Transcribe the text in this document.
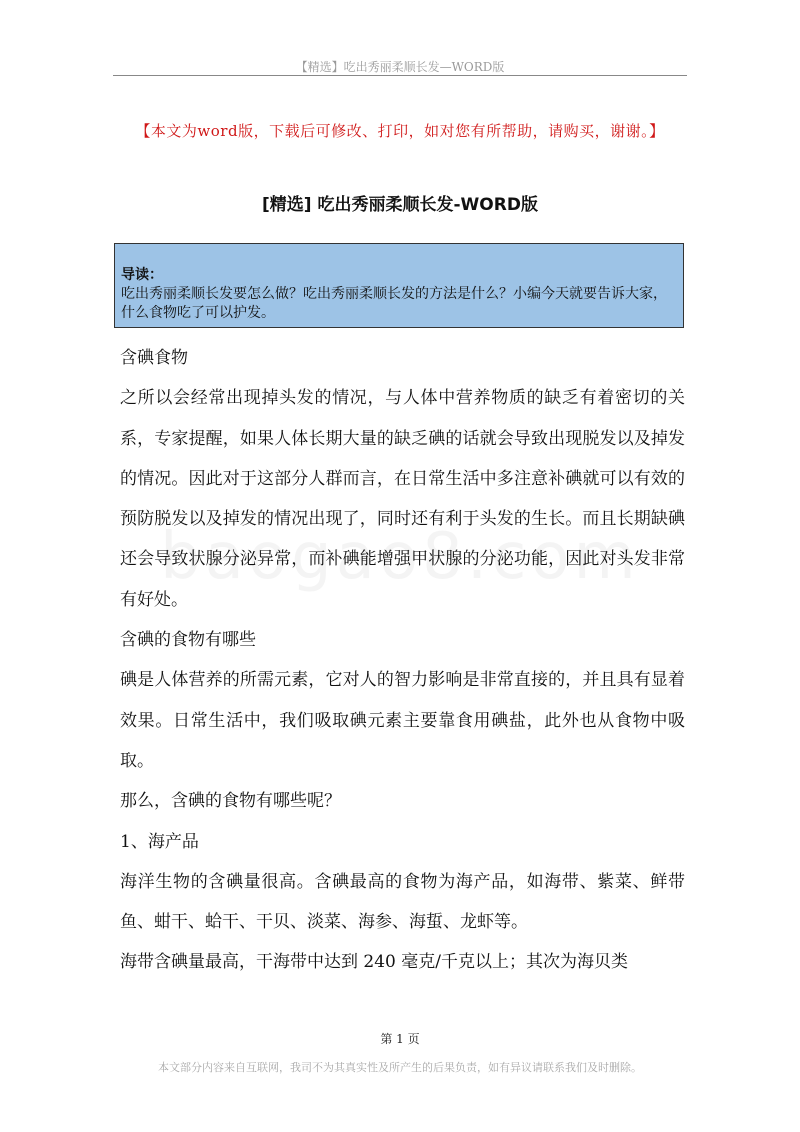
【精选】吃出秀丽柔顺长发—WORD版
【本文为word版，下载后可修改、打印，如对您有所帮助，请购买，谢谢。】
[精选] 吃出秀丽柔顺长发-WORD版
导读：
吃出秀丽柔顺长发要怎么做？吃出秀丽柔顺长发的方法是什么？小编今天就要告诉大家，什么食物吃了可以护发。

含碘食物

之所以会经常出现掉头发的情况，与人体中营养物质的缺乏有着密切的关系，专家提醒，如果人体长期大量的缺乏碘的话就会导致出现脱发以及掉发的情况。因此对于这部分人群而言，在日常生活中多注意补碘就可以有效的预防脱发以及掉发的情况出现了，同时还有利于头发的生长。而且长期缺碘还会导致状腺分泌异常，而补碘能增强甲状腺的分泌功能，因此对头发非常有好处。

含碘的食物有哪些

碘是人体营养的所需元素，它对人的智力影响是非常直接的，并且具有显着效果。日常生活中，我们吸取碘元素主要靠食用碘盐，此外也从食物中吸取。

那么，含碘的食物有哪些呢？

1、海产品

海洋生物的含碘量很高。含碘最高的食物为海产品，如海带、紫菜、鲜带鱼、蚶干、蛤干、干贝、淡菜、海参、海蜇、龙虾等。

海带含碘量最高，干海带中达到 240 毫克/千克以上；其次为海贝类

第 1 页
本文部分内容来自互联网，我司不为其真实性及所产生的后果负责，如有异议请联系我们及时删除。
